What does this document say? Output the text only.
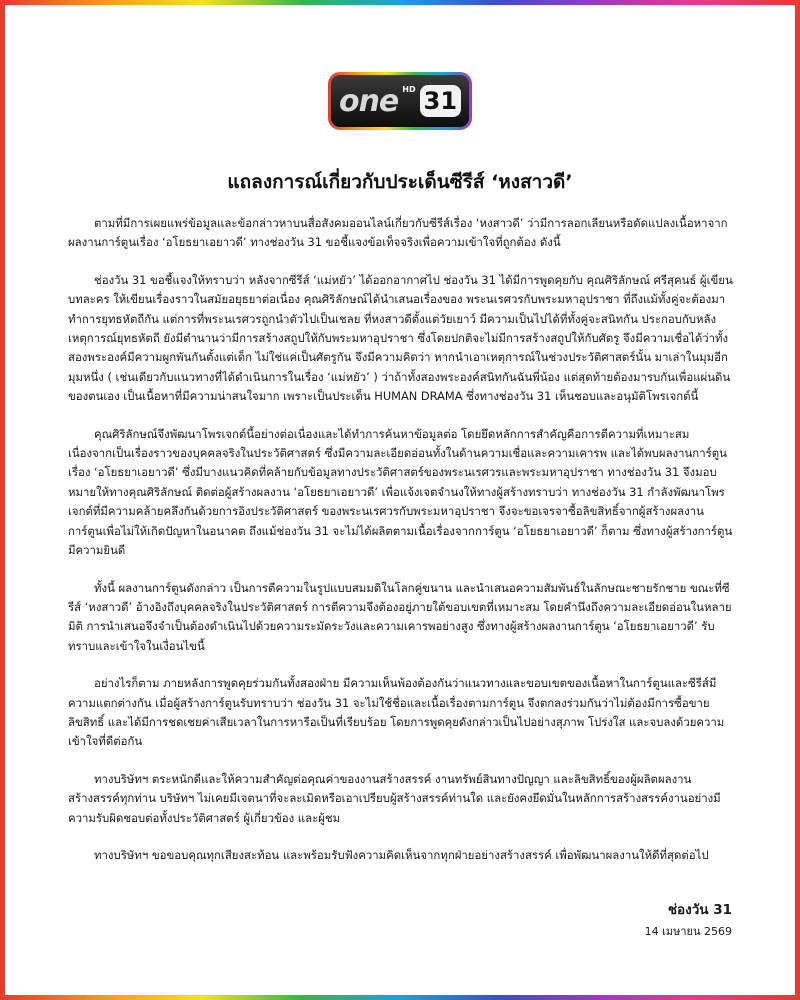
one HD 31
แถลงการณ์เกี่ยวกับประเด็นซีรีส์ ‘หงสาวดี’

ตามที่มีการเผยแพร่ข้อมูลและข้อกล่าวหาบนสื่อสังคมออนไลน์เกี่ยวกับซีรีส์เรื่อง ‘หงสาวดี’ ว่ามีการลอกเลียนหรือดัดแปลงเนื้อหาจากผลงานการ์ตูนเรื่อง ‘อโยธยาเอยาวดี’ ทางช่องวัน 31 ขอชี้แจงข้อเท็จจริงเพื่อความเข้าใจที่ถูกต้อง ดังนี้

ช่องวัน 31 ขอชี้แจงให้ทราบว่า หลังจากซีรีส์ ‘แม่หยัว’ ได้ออกอากาศไป ช่องวัน 31 ได้มีการพูดคุยกับ คุณศิริลักษณ์ ศรีสุคนธ์ ผู้เขียนบทละคร ให้เขียนเรื่องราวในสมัยอยุธยาต่อเนื่อง คุณศิริลักษณ์ได้นำเสนอเรื่องของ พระนเรศวรกับพระมหาอุปราชา ที่ถึงแม้ทั้งคู่จะต้องมาทำการยุทธหัตถีกัน แต่การที่พระนเรศวรถูกนำตัวไปเป็นเชลย ที่หงสาวดีตั้งแต่วัยเยาว์ มีความเป็นไปได้ที่ทั้งคู่จะสนิทกัน ประกอบกับหลังเหตุการณ์ยุทธหัตถี ยังมีตำนานว่ามีการสร้างสถูปให้กับพระมหาอุปราชา ซึ่งโดยปกติจะไม่มีการสร้างสถูปให้กับศัตรู จึงมีความเชื่อได้ว่าทั้งสองพระองค์มีความผูกพันกันตั้งแต่เด็ก ไม่ใช่แค่เป็นศัตรูกัน จึงมีความคิดว่า หากนำเอาเหตุการณ์ในช่วงประวัติศาสตร์นั้น มาเล่าในมุมอีกมุมหนึ่ง ( เช่นเดียวกับแนวทางที่ได้ดำเนินการในเรื่อง ‘แม่หยัว’ ) ว่าถ้าทั้งสองพระองค์สนิทกันฉันพี่น้อง แต่สุดท้ายต้องมารบกันเพื่อแผ่นดินของตนเอง เป็นเนื้อหาที่มีความน่าสนใจมาก เพราะเป็นประเด็น HUMAN DRAMA ซึ่งทางช่องวัน 31 เห็นชอบและอนุมัติโพรเจกต์นี้

คุณศิริลักษณ์จึงพัฒนาโพรเจกต์นี้อย่างต่อเนื่องและได้ทำการค้นหาข้อมูลต่อ โดยยึดหลักการสำคัญคือการตีความที่เหมาะสม เนื่องจากเป็นเรื่องราวของบุคคลจริงในประวัติศาสตร์ ซึ่งมีความละเอียดอ่อนทั้งในด้านความเชื่อและความเคารพ และได้พบผลงานการ์ตูนเรื่อง ‘อโยธยาเอยาวดี’ ซึ่งมีบางแนวคิดที่คล้ายกับข้อมูลทางประวัติศาสตร์ของพระนเรศวรและพระมหาอุปราชา ทางช่องวัน 31 จึงมอบหมายให้ทางคุณศิริลักษณ์ ติดต่อผู้สร้างผลงาน ‘อโยธยาเอยาวดี’ เพื่อแจ้งเจตจำนงให้ทางผู้สร้างทราบว่า ทางช่องวัน 31 กำลังพัฒนาโพรเจกต์ที่มีความคล้ายคลึงกันด้วยการอิงประวัติศาสตร์ ของพระนเรศวรกับพระมหาอุปราชา จึงจะขอเจรจาซื้อลิขสิทธิ์จากผู้สร้างผลงานการ์ตูนเพื่อไม่ให้เกิดปัญหาในอนาคต ถึงแม้ช่องวัน 31 จะไม่ได้ผลิตตามเนื้อเรื่องจากการ์ตูน ‘อโยธยาเอยาวดี’ ก็ตาม ซึ่งทางผู้สร้างการ์ตูนมีความยินดี

ทั้งนี้ ผลงานการ์ตูนดังกล่าว เป็นการตีความในรูปแบบสมมติในโลกคู่ขนาน และนำเสนอความสัมพันธ์ในลักษณะชายรักชาย ขณะที่ซีรีส์ ‘หงสาวดี’ อ้างอิงถึงบุคคลจริงในประวัติศาสตร์ การตีความจึงต้องอยู่ภายใต้ขอบเขตที่เหมาะสม โดยคำนึงถึงความละเอียดอ่อนในหลายมิติ การนำเสนอจึงจำเป็นต้องดำเนินไปด้วยความระมัดระวังและความเคารพอย่างสูง ซึ่งทางผู้สร้างผลงานการ์ตูน ‘อโยธยาเอยาวดี’ รับทราบและเข้าใจในเงื่อนไขนี้

อย่างไรก็ตาม ภายหลังการพูดคุยร่วมกันทั้งสองฝ่าย มีความเห็นพ้องต้องกันว่าแนวทางและขอบเขตของเนื้อหาในการ์ตูนและซีรีส์มีความแตกต่างกัน เมื่อผู้สร้างการ์ตูนรับทราบว่า ช่องวัน 31 จะไม่ใช้ชื่อและเนื้อเรื่องตามการ์ตูน จึงตกลงร่วมกันว่าไม่ต้องมีการซื้อขายลิขสิทธิ์ และได้มีการชดเชยค่าเสียเวลาในการหารือเป็นที่เรียบร้อย โดยการพูดคุยดังกล่าวเป็นไปอย่างสุภาพ โปร่งใส และจบลงด้วยความเข้าใจที่ดีต่อกัน

ทางบริษัทฯ ตระหนักดีและให้ความสำคัญต่อคุณค่าของงานสร้างสรรค์ งานทรัพย์สินทางปัญญา และลิขสิทธิ์ของผู้ผลิตผลงานสร้างสรรค์ทุกท่าน บริษัทฯ ไม่เคยมีเจตนาที่จะละเมิดหรือเอาเปรียบผู้สร้างสรรค์ท่านใด และยังคงยึดมั่นในหลักการสร้างสรรค์งานอย่างมีความรับผิดชอบต่อทั้งประวัติศาสตร์ ผู้เกี่ยวข้อง และผู้ชม

ทางบริษัทฯ ขอขอบคุณทุกเสียงสะท้อน และพร้อมรับฟังความคิดเห็นจากทุกฝ่ายอย่างสร้างสรรค์ เพื่อพัฒนาผลงานให้ดีที่สุดต่อไป

ช่องวัน 31
14 เมษายน 2569
